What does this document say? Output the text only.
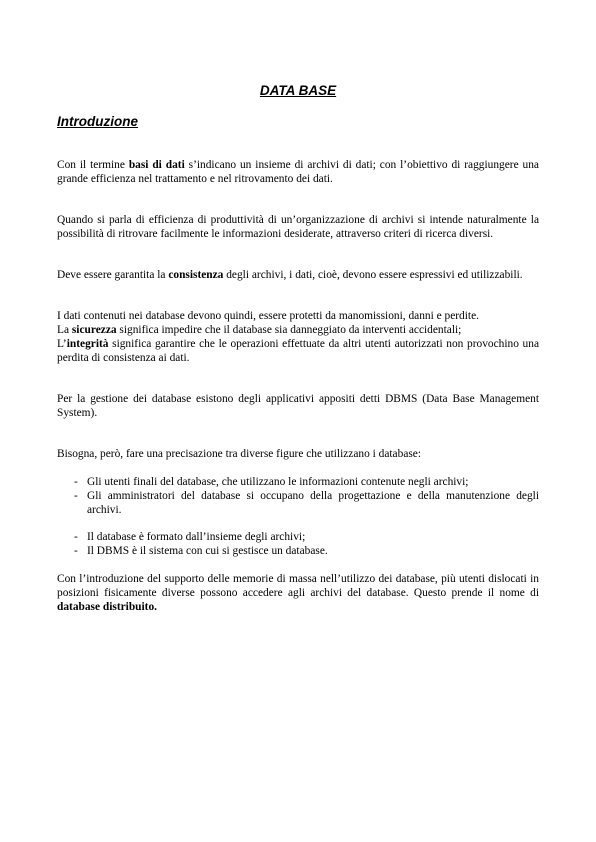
DATA BASE
Introduzione

Con il termine basi di dati s’indicano un insieme di archivi di dati; con l’obiettivo di raggiungere una grande efficienza nel trattamento e nel ritrovamento dei dati.

Quando si parla di efficienza di produttività di un’organizzazione di archivi si intende naturalmente la possibilità di ritrovare facilmente le informazioni desiderate, attraverso criteri di ricerca diversi.

Deve essere garantita la consistenza degli archivi, i dati, cioè, devono essere espressivi ed utilizzabili.

I dati contenuti nei database devono quindi, essere protetti da manomissioni, danni e perdite.
La sicurezza significa impedire che il database sia danneggiato da interventi accidentali;
L’integrità significa garantire che le operazioni effettuate da altri utenti autorizzati non provochino una perdita di consistenza ai dati.

Per la gestione dei database esistono degli applicativi appositi detti DBMS (Data Base Management System).

Bisogna, però, fare una precisazione tra diverse figure che utilizzano i database:

- Gli utenti finali del database, che utilizzano le informazioni contenute negli archivi;
- Gli amministratori del database si occupano della progettazione e della manutenzione degli archivi.
- Il database è formato dall’insieme degli archivi;
- Il DBMS è il sistema con cui si gestisce un database.

Con l’introduzione del supporto delle memorie di massa nell’utilizzo dei database, più utenti dislocati in posizioni fisicamente diverse possono accedere agli archivi del database. Questo prende il nome di database distribuito.
